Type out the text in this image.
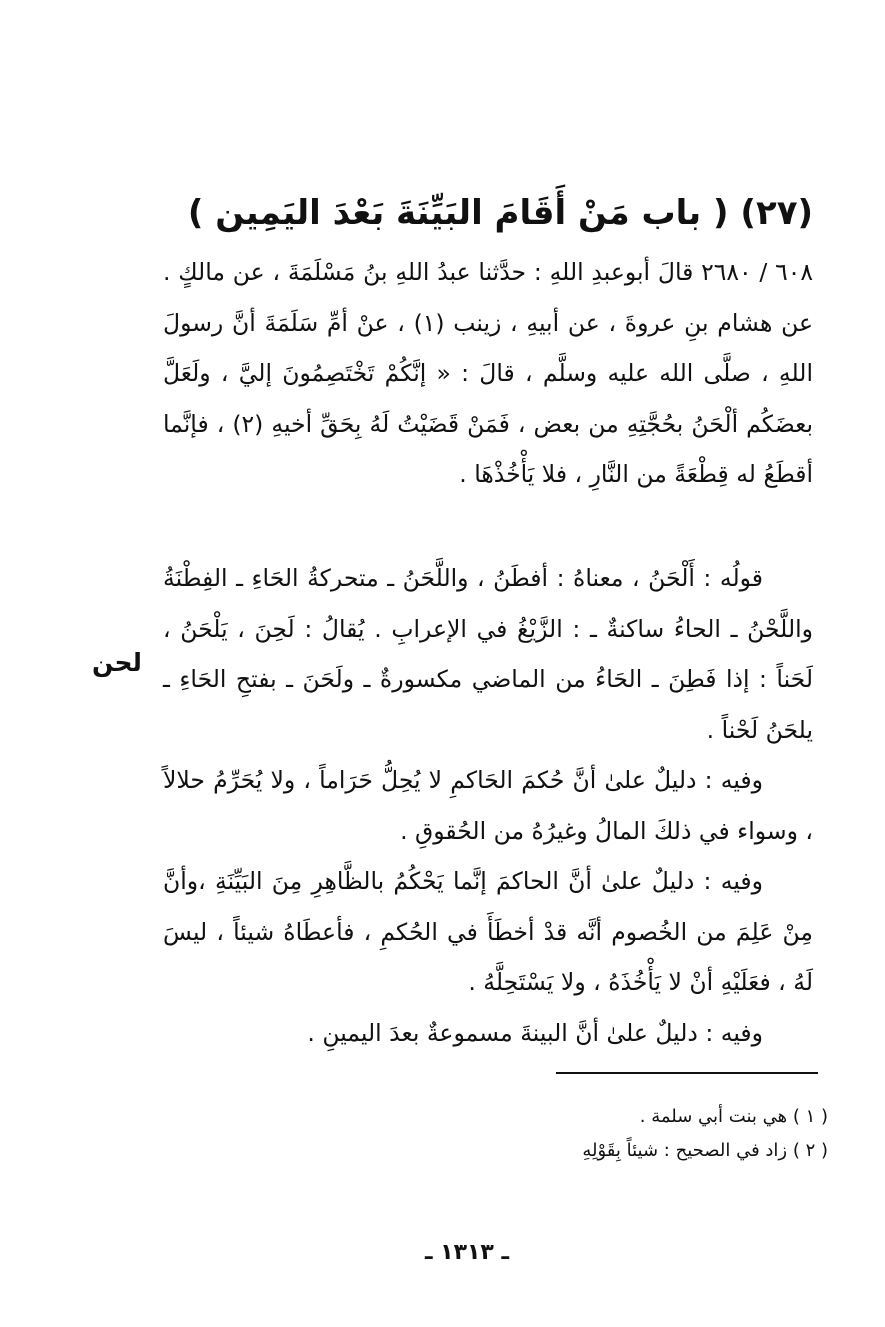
(٢٧) ( باب مَنْ أَقَامَ البَيِّنَةَ بَعْدَ اليَمِين )

٦٠٨ / ٢٦٨٠ قالَ أبوعبدِ اللهِ : حدَّثنا عبدُ اللهِ بنُ مَسْلَمَةَ ، عن مالكٍ . عن هشام بنِ عروةَ ، عن أبيهِ ، زينب (١) ، عنْ أمِّ سَلَمَةَ أنَّ رسولَ اللهِ ، صلَّى الله عليه وسلَّم ، قالَ : « إنَّكُمْ تَخْتَصِمُونَ إليَّ ، ولَعَلَّ بعضَكُم ألْحَنُ بحُجَّتِهِ من بعض ، فَمَنْ قَضَيْتُ لَهُ بِحَقِّ أخيهِ (٢) ، فإنَّما أقطَعُ له قِطْعَةً من النَّارِ ، فلا يَأْخُذْهَا .

قولُه : أَلْحَنُ ، معناهُ : أفطَنُ ، واللَّحَنُ ـ متحركةُ الحَاءِ ـ الفِطْنَةُ واللَّحْنُ ـ الحاءُ ساكنةٌ ـ : الزَّيْغُ في الإعرابِ . يُقالُ : لَحِنَ ، يَلْحَنُ ، لَحَناً : إذا فَطِنَ ـ الحَاءُ من الماضي مكسورةٌ ـ ولَحَنَ ـ بفتحِ الحَاءِ ـ يلحَنُ لَحْناً .

وفيه : دليلٌ علىٰ أنَّ حُكمَ الحَاكمِ لا يُحِلُّ حَرَاماً ، ولا يُحَرِّمُ حلالاً ، وسواء في ذلكَ المالُ وغيرُهُ من الحُقوقِ .

وفيه : دليلٌ علىٰ أنَّ الحاكمَ إنَّما يَحْكُمُ بالظَّاهِرِ مِنَ البَيِّنَةِ ،وأنَّ مِنْ عَلِمَ من الخُصوم أنَّه قدْ أخطَأَ في الحُكمِ ، فأعطَاهُ شيئاً ، ليسَ لَهُ ، فعَلَيْهِ أنْ لا يَأْخُذَهُ ، ولا يَسْتَحِلَّهُ .

وفيه : دليلٌ علىٰ أنَّ البينةَ مسموعةٌ بعدَ اليمينِ .

لحن

( ١ ) هي بنت أبي سلمة .

( ٢ ) زاد في الصحيح : شيئاً بِقَوْلِهِ

ـ ١٣١٣ ـ
